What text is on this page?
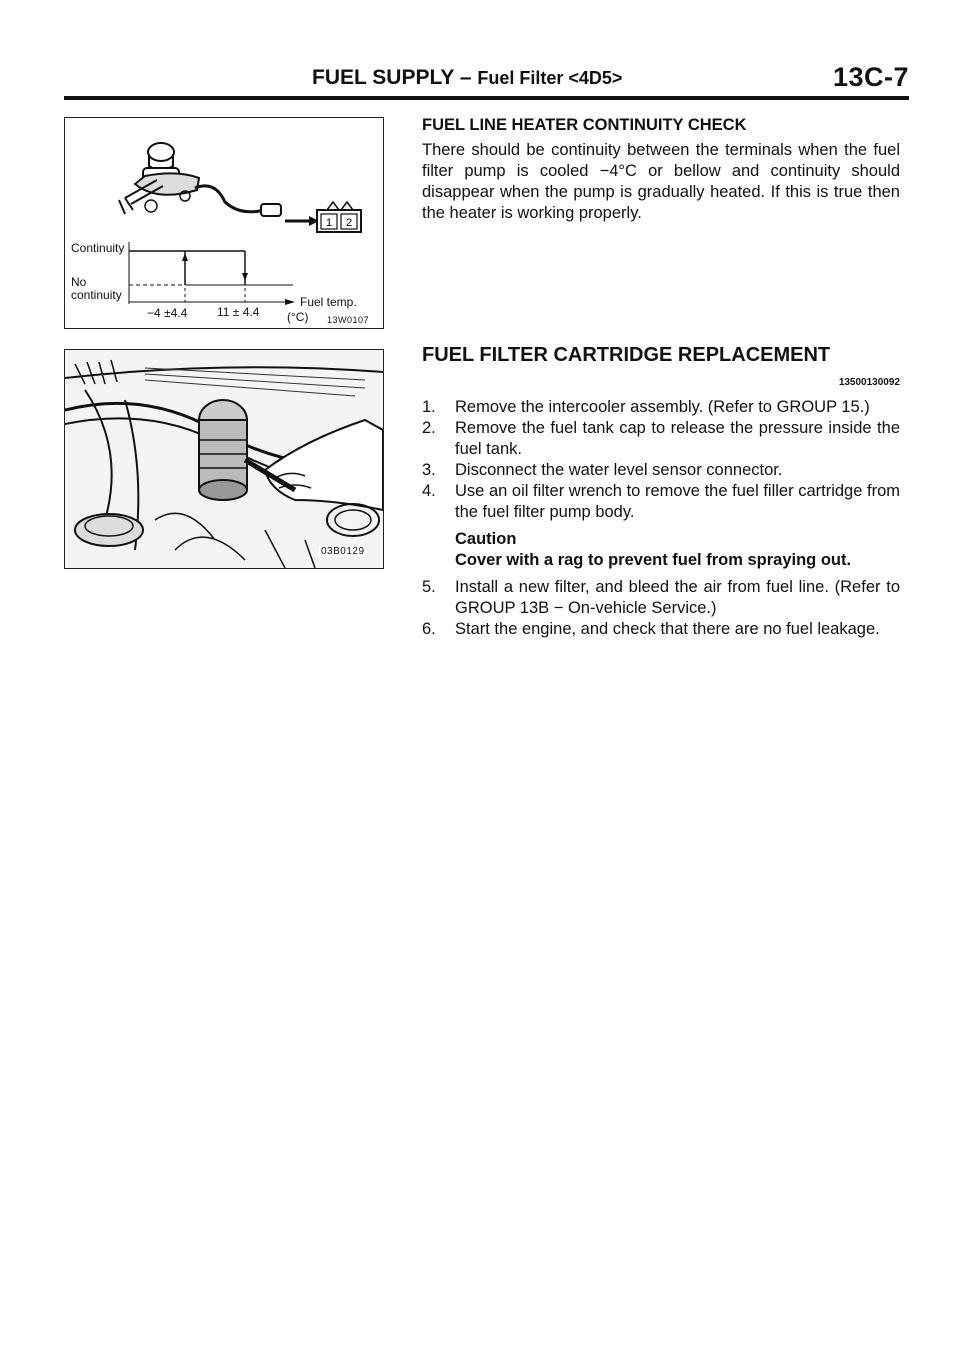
FUEL SUPPLY – Fuel Filter <4D5>	13C-7
1 2
Continuity
No
continuity	Fuel temp.
−4 ±4.4 11 ± 4.4 (°C) 13W0107
03B0129
FUEL LINE HEATER CONTINUITY CHECK
There should be continuity between the terminals when the fuel filter pump is cooled −4°C or bellow and continuity should disappear when the pump is gradually heated. If this is true then the heater is working properly.
FUEL FILTER CARTRIDGE REPLACEMENT
13500130092
1. Remove the intercooler assembly. (Refer to GROUP 15.)
2. Remove the fuel tank cap to release the pressure inside the fuel tank.
3. Disconnect the water level sensor connector.
4. Use an oil filter wrench to remove the fuel filler cartridge from the fuel filter pump body.
Caution
Cover with a rag to prevent fuel from spraying out.
5. Install a new filter, and bleed the air from fuel line. (Refer to GROUP 13B − On-vehicle Service.)
6. Start the engine, and check that there are no fuel leakage.
